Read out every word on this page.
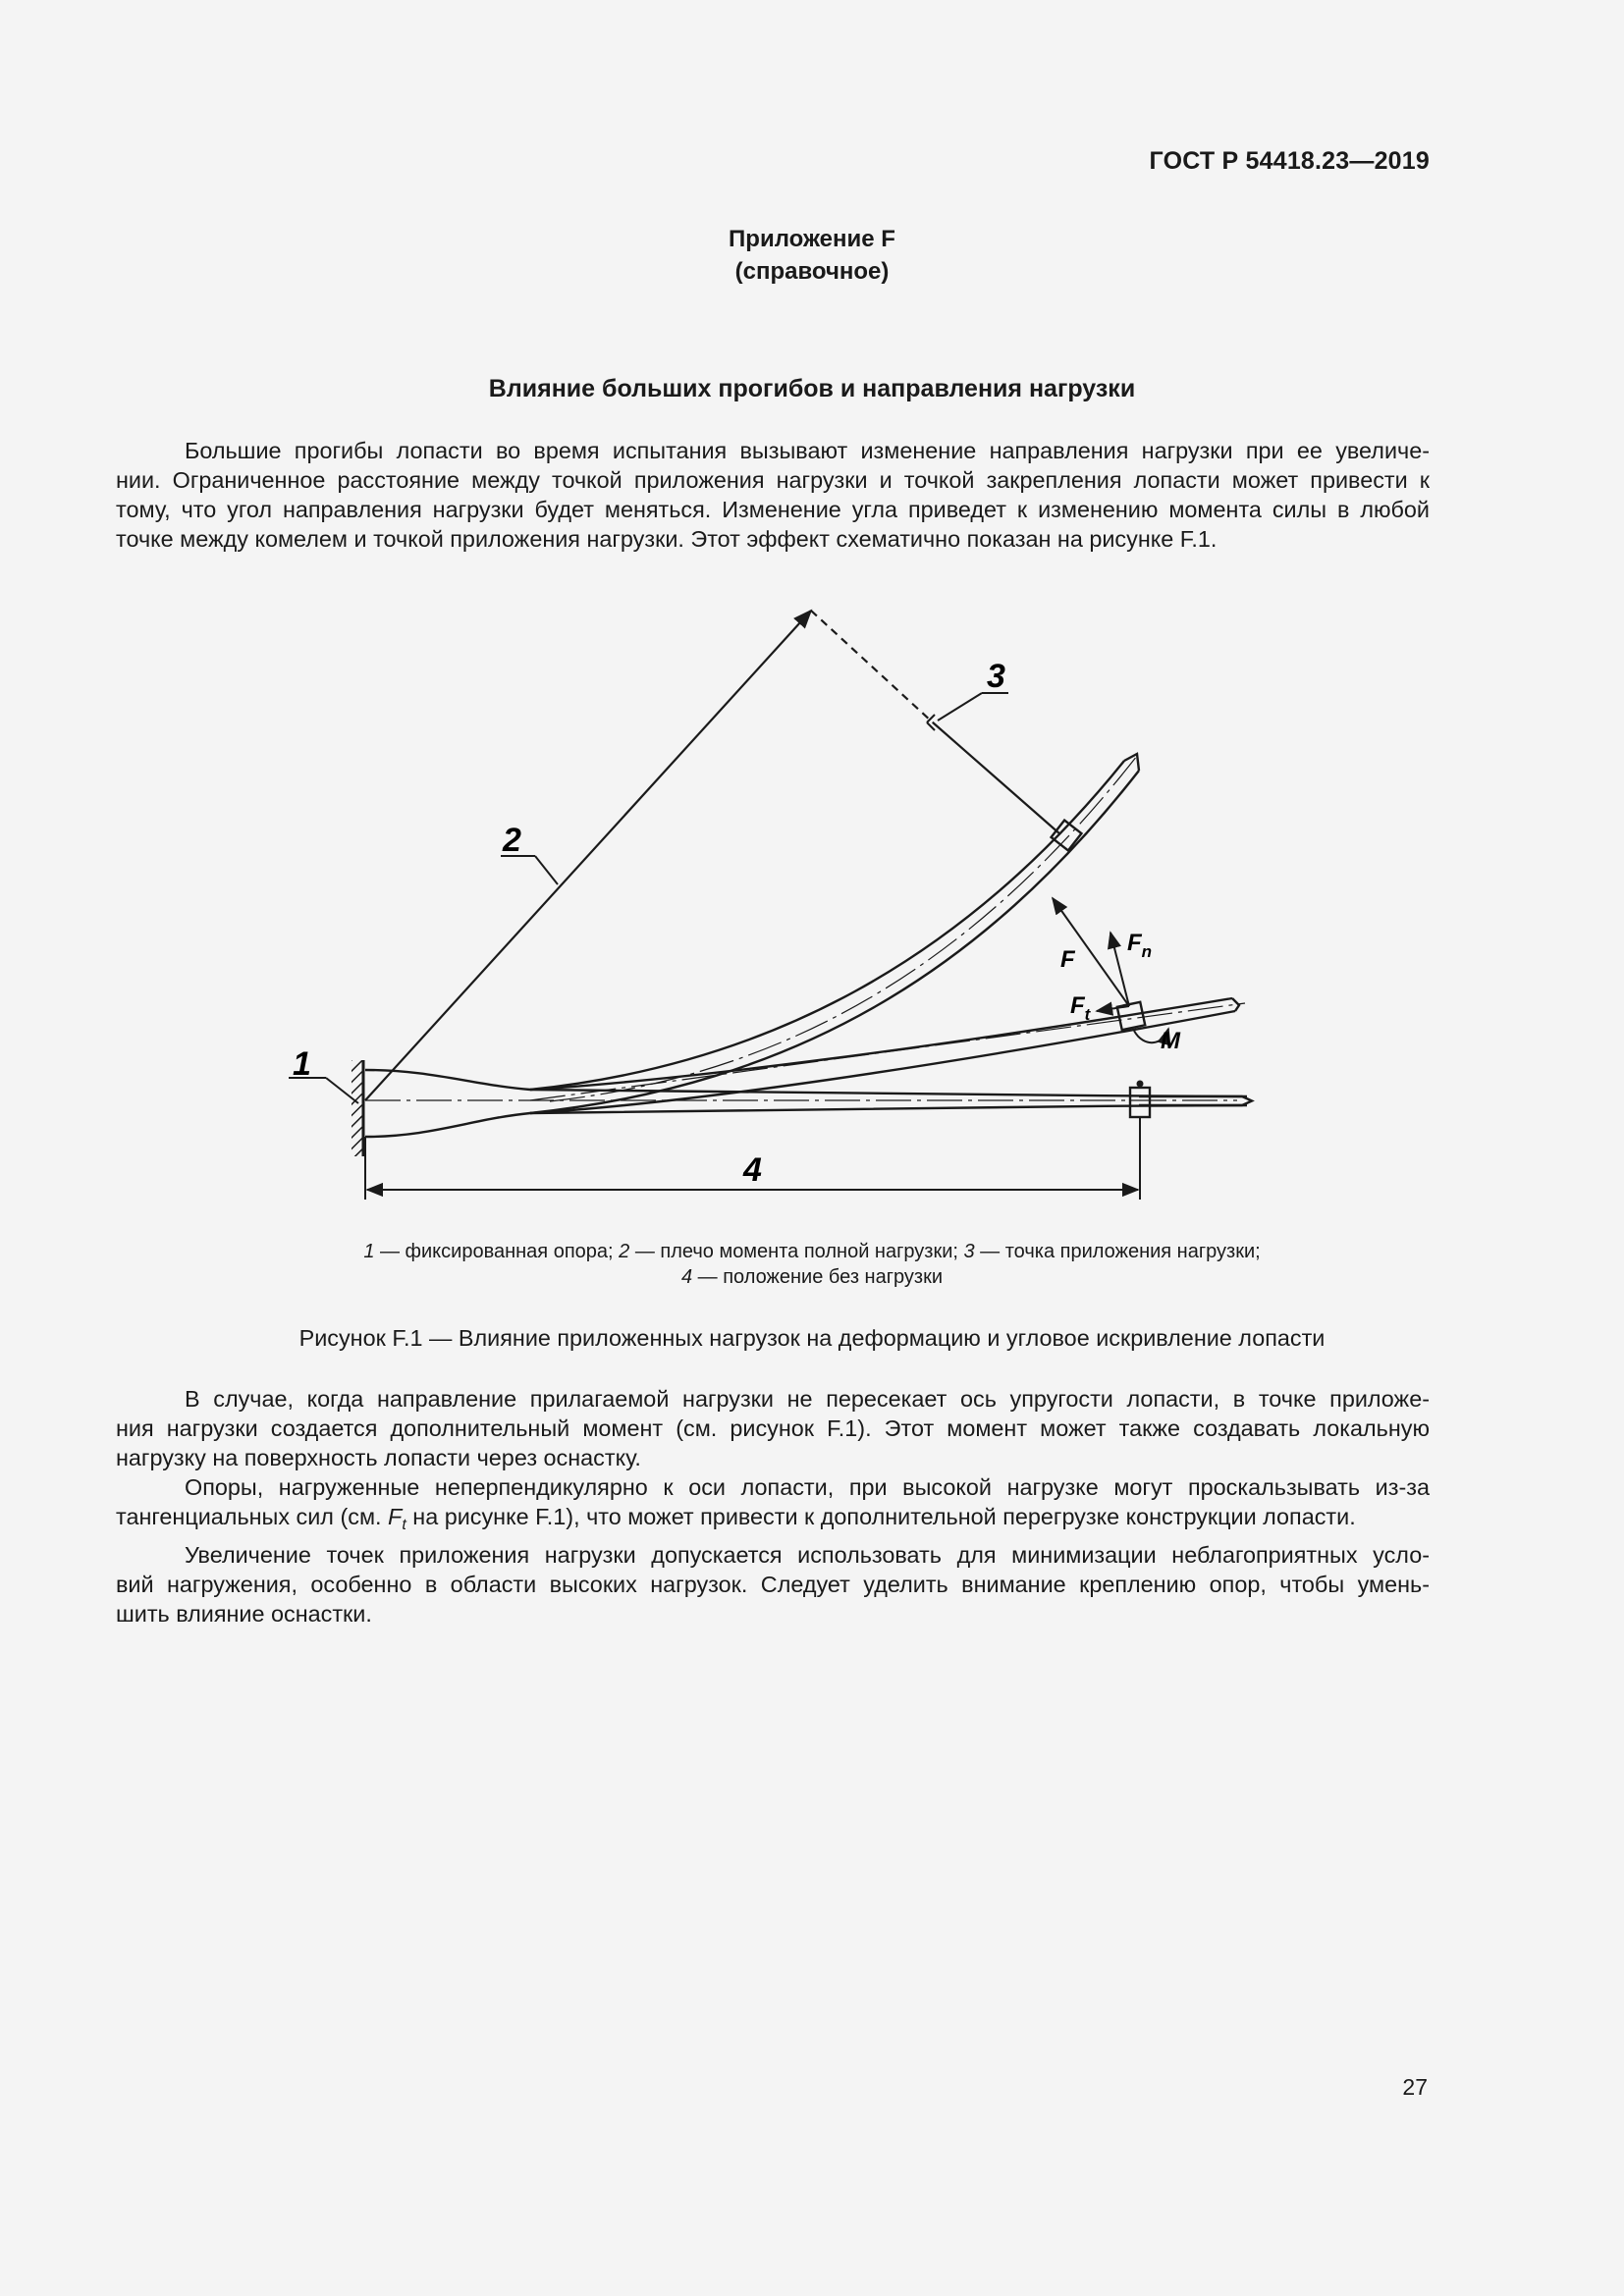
ГОСТ Р 54418.23—2019
Приложение F
(справочное)
Влияние больших прогибов и направления нагрузки
Большие прогибы лопасти во время испытания вызывают изменение направления нагрузки при ее увеличе-
нии. Ограниченное расстояние между точкой приложения нагрузки и точкой закрепления лопасти может привести к
тому, что угол направления нагрузки будет меняться. Изменение угла приведет к изменению момента силы в любой
точке между комелем и точкой приложения нагрузки. Этот эффект схематично показан на рисунке F.1.
1
2
3
4
F
$F_n$
$F_t$
M
1 — фиксированная опора; 2 — плечо момента полной нагрузки; 3 — точка приложения нагрузки;
4 — положение без нагрузки
Рисунок F.1 — Влияние приложенных нагрузок на деформацию и угловое искривление лопасти
В случае, когда направление прилагаемой нагрузки не пересекает ось упругости лопасти, в точке приложе-
ния нагрузки создается дополнительный момент (см. рисунок F.1). Этот момент может также создавать локальную
нагрузку на поверхность лопасти через оснастку.
Опоры, нагруженные неперпендикулярно к оси лопасти, при высокой нагрузке могут проскальзывать из-за
тангенциальных сил (см. $F_t$ на рисунке F.1), что может привести к дополнительной перегрузке конструкции лопасти.
Увеличение точек приложения нагрузки допускается использовать для минимизации неблагоприятных усло-
вий нагружения, особенно в области высоких нагрузок. Следует уделить внимание креплению опор, чтобы умень-
шить влияние оснастки.
27
